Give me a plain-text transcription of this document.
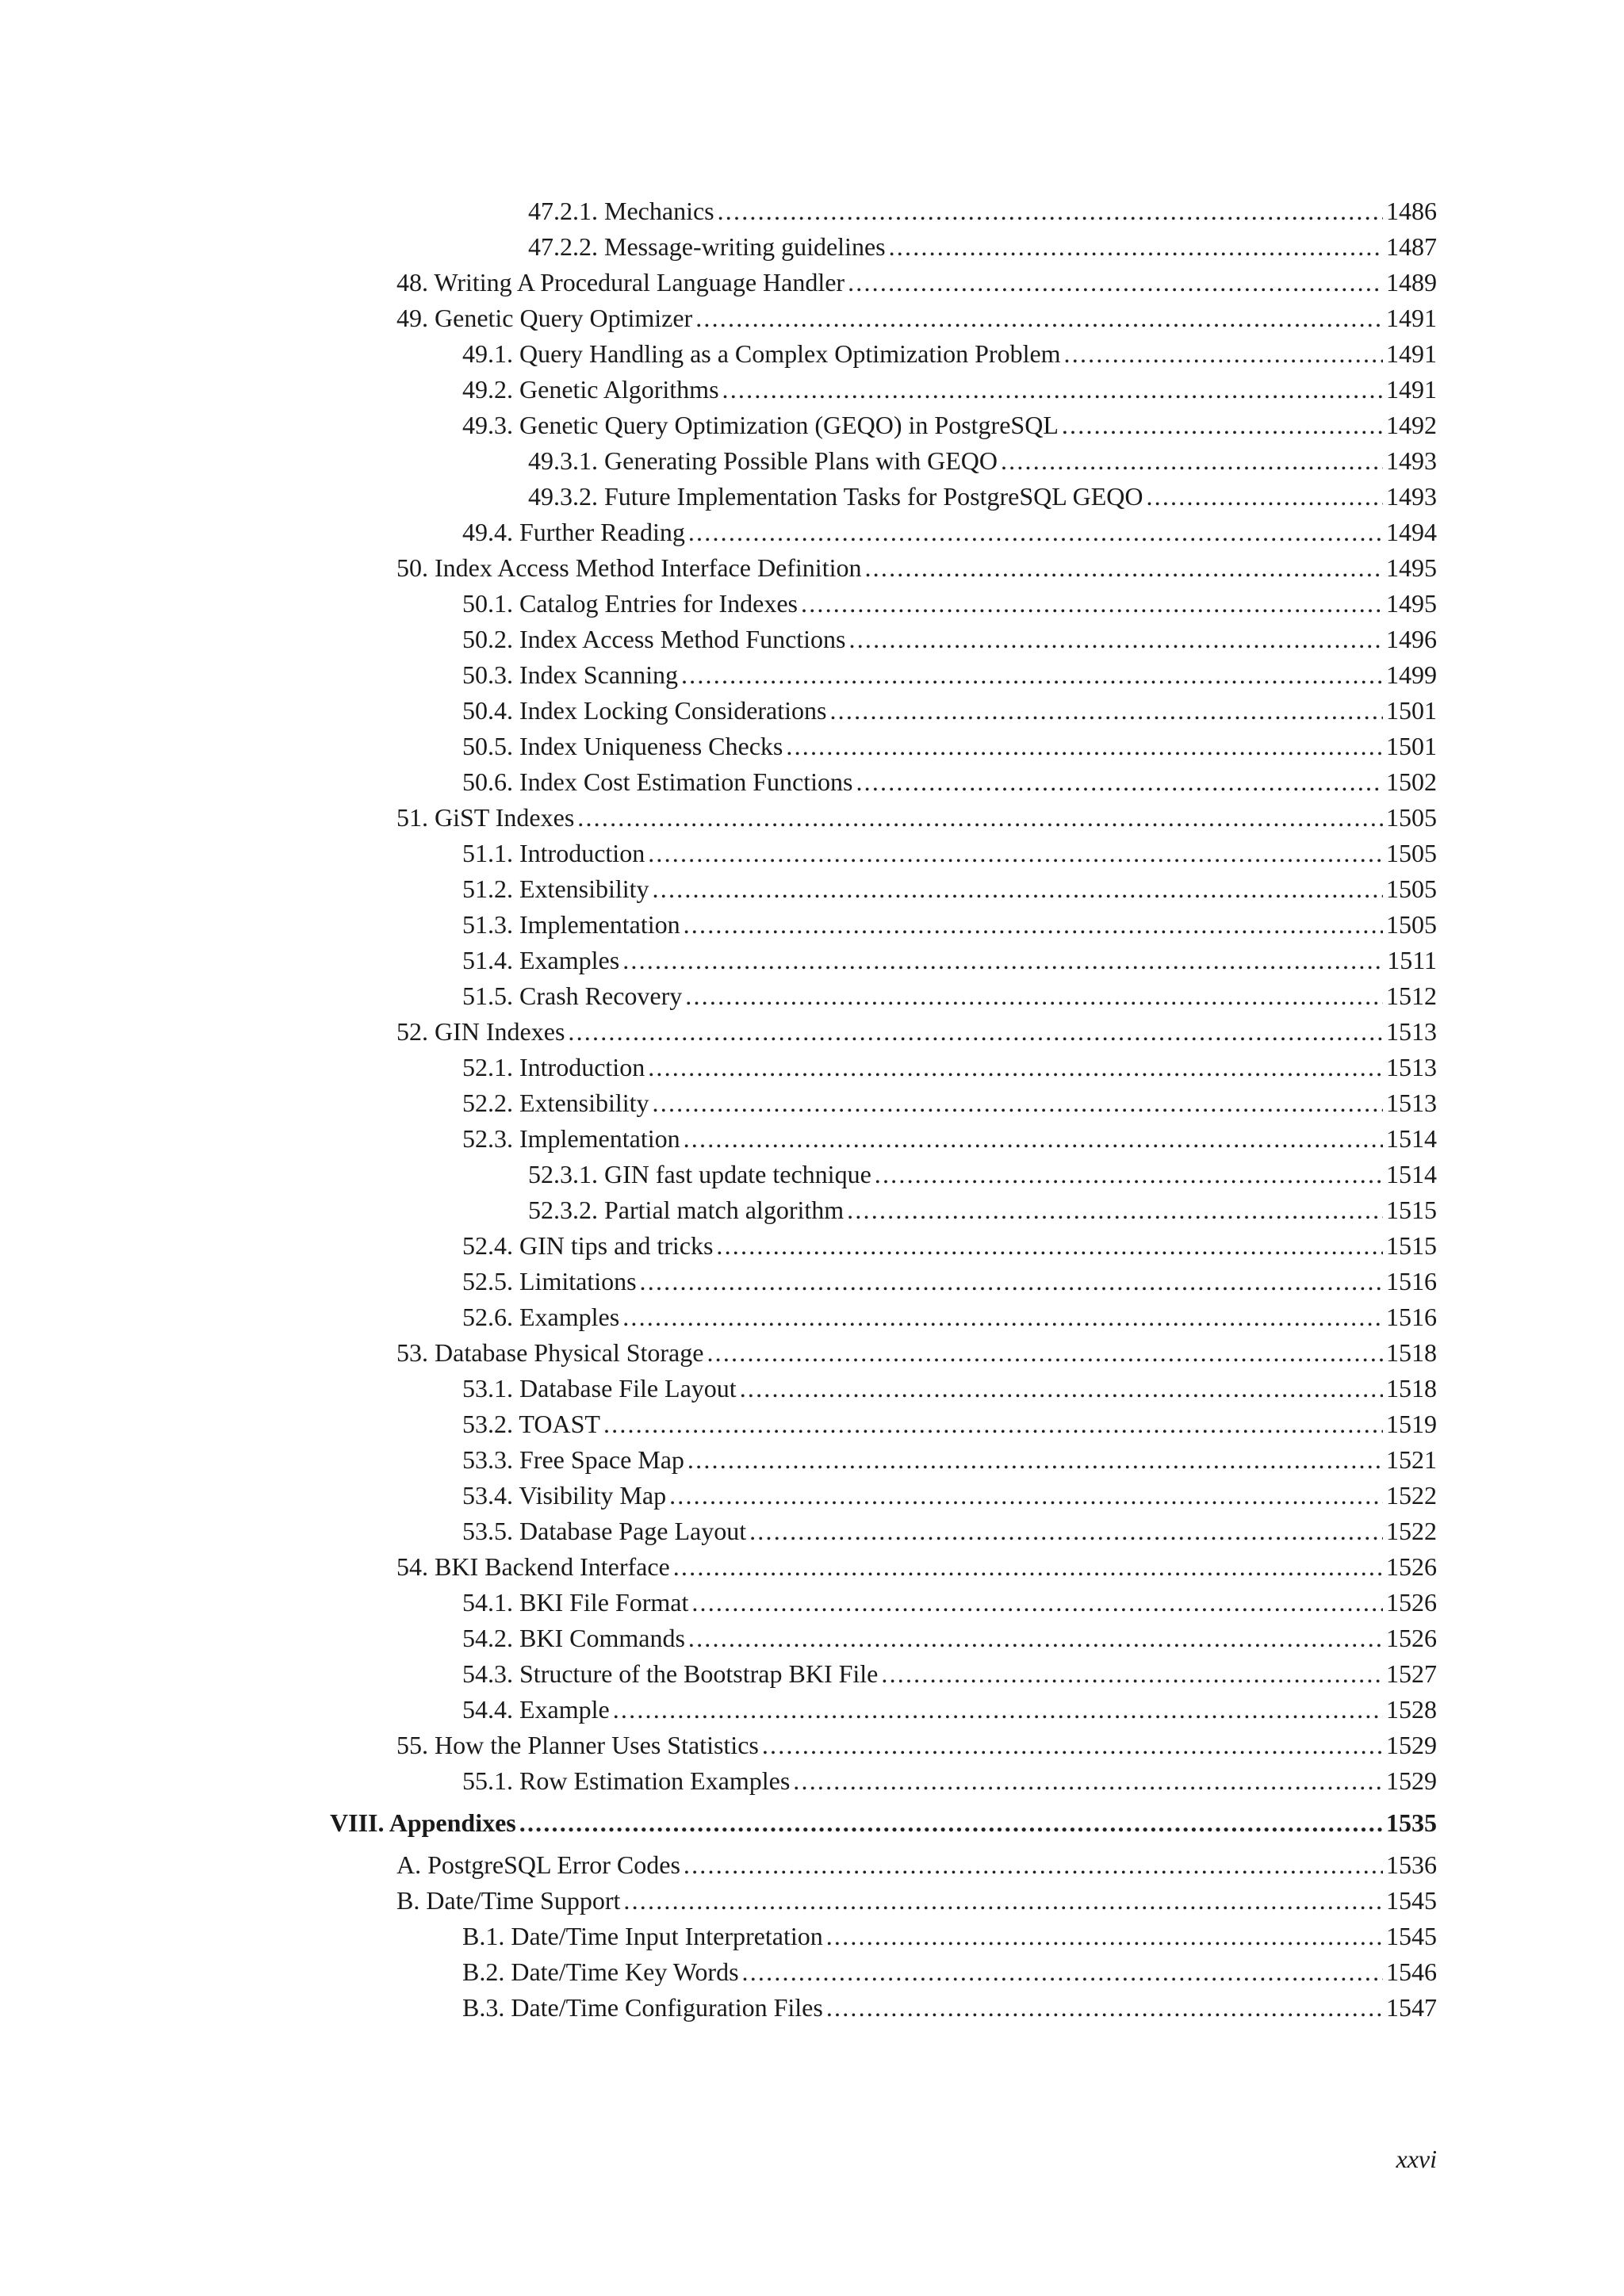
47.2.1. Mechanics .....	1486
47.2.2. Message-writing guidelines .....	1487
48. Writing A Procedural Language Handler .....	1489
49. Genetic Query Optimizer .....	1491
49.1. Query Handling as a Complex Optimization Problem .....	1491
49.2. Genetic Algorithms .....	1491
49.3. Genetic Query Optimization (GEQO) in PostgreSQL .....	1492
49.3.1. Generating Possible Plans with GEQO .....	1493
49.3.2. Future Implementation Tasks for PostgreSQL GEQO .....	1493
49.4. Further Reading .....	1494
50. Index Access Method Interface Definition .....	1495
50.1. Catalog Entries for Indexes .....	1495
50.2. Index Access Method Functions .....	1496
50.3. Index Scanning .....	1499
50.4. Index Locking Considerations .....	1501
50.5. Index Uniqueness Checks .....	1501
50.6. Index Cost Estimation Functions .....	1502
51. GiST Indexes .....	1505
51.1. Introduction .....	1505
51.2. Extensibility .....	1505
51.3. Implementation .....	1505
51.4. Examples .....	1511
51.5. Crash Recovery .....	1512
52. GIN Indexes .....	1513
52.1. Introduction .....	1513
52.2. Extensibility .....	1513
52.3. Implementation .....	1514
52.3.1. GIN fast update technique .....	1514
52.3.2. Partial match algorithm .....	1515
52.4. GIN tips and tricks .....	1515
52.5. Limitations .....	1516
52.6. Examples .....	1516
53. Database Physical Storage .....	1518
53.1. Database File Layout .....	1518
53.2. TOAST .....	1519
53.3. Free Space Map .....	1521
53.4. Visibility Map .....	1522
53.5. Database Page Layout .....	1522
54. BKI Backend Interface .....	1526
54.1. BKI File Format .....	1526
54.2. BKI Commands .....	1526
54.3. Structure of the Bootstrap BKI File .....	1527
54.4. Example .....	1528
55. How the Planner Uses Statistics .....	1529
55.1. Row Estimation Examples .....	1529
VIII. Appendixes .....	1535
A. PostgreSQL Error Codes .....	1536
B. Date/Time Support .....	1545
B.1. Date/Time Input Interpretation .....	1545
B.2. Date/Time Key Words .....	1546
B.3. Date/Time Configuration Files .....	1547
xxvi
